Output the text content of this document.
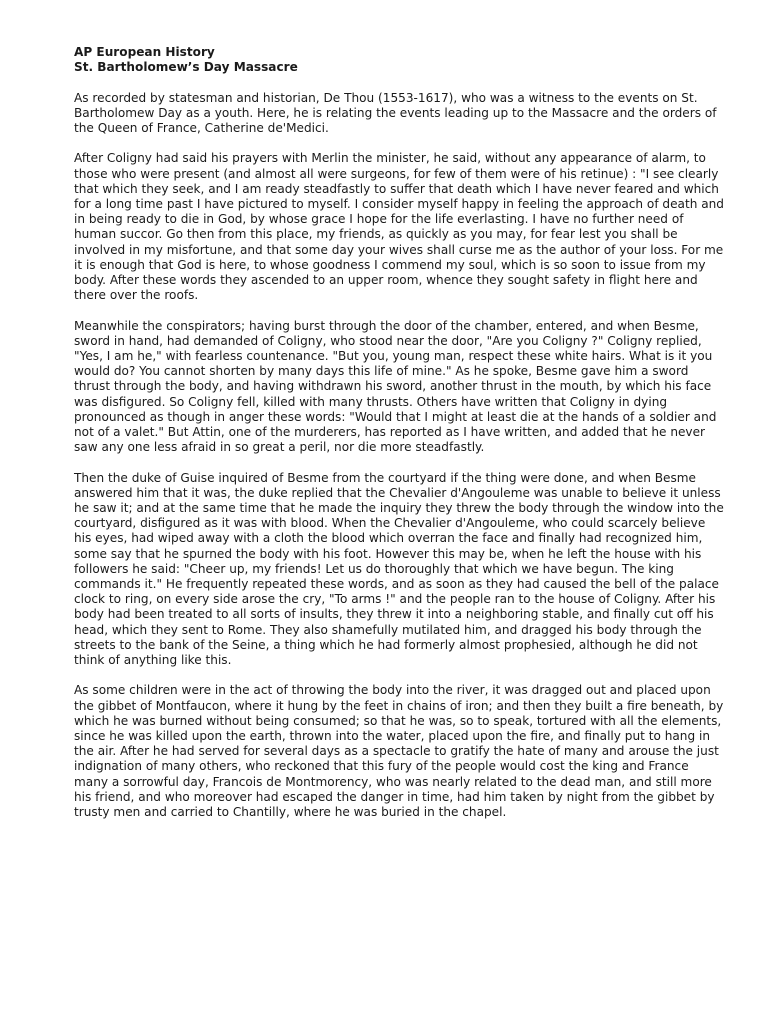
AP European History
St. Bartholomew’s Day Massacre

As recorded by statesman and historian, De Thou (1553-1617), who was a witness to the events on St. Bartholomew Day as a youth. Here, he is relating the events leading up to the Massacre and the orders of the Queen of France, Catherine de'Medici.

After Coligny had said his prayers with Merlin the minister, he said, without any appearance of alarm, to those who were present (and almost all were surgeons, for few of them were of his retinue) : "I see clearly that which they seek, and I am ready steadfastly to suffer that death which I have never feared and which for a long time past I have pictured to myself. I consider myself happy in feeling the approach of death and in being ready to die in God, by whose grace I hope for the life everlasting. I have no further need of human succor. Go then from this place, my friends, as quickly as you may, for fear lest you shall be involved in my misfortune, and that some day your wives shall curse me as the author of your loss. For me it is enough that God is here, to whose goodness I commend my soul, which is so soon to issue from my body. After these words they ascended to an upper room, whence they sought safety in flight here and there over the roofs.

Meanwhile the conspirators; having burst through the door of the chamber, entered, and when Besme, sword in hand, had demanded of Coligny, who stood near the door, "Are you Coligny ?" Coligny replied, "Yes, I am he," with fearless countenance. "But you, young man, respect these white hairs. What is it you would do? You cannot shorten by many days this life of mine." As he spoke, Besme gave him a sword thrust through the body, and having withdrawn his sword, another thrust in the mouth, by which his face was disfigured. So Coligny fell, killed with many thrusts. Others have written that Coligny in dying pronounced as though in anger these words: "Would that I might at least die at the hands of a soldier and not of a valet." But Attin, one of the murderers, has reported as I have written, and added that he never saw any one less afraid in so great a peril, nor die more steadfastly.

Then the duke of Guise inquired of Besme from the courtyard if the thing were done, and when Besme answered him that it was, the duke replied that the Chevalier d'Angouleme was unable to believe it unless he saw it; and at the same time that he made the inquiry they threw the body through the window into the courtyard, disfigured as it was with blood. When the Chevalier d'Angouleme, who could scarcely believe his eyes, had wiped away with a cloth the blood which overran the face and finally had recognized him, some say that he spurned the body with his foot. However this may be, when he left the house with his followers he said: "Cheer up, my friends! Let us do thoroughly that which we have begun. The king commands it." He frequently repeated these words, and as soon as they had caused the bell of the palace clock to ring, on every side arose the cry, "To arms !" and the people ran to the house of Coligny. After his body had been treated to all sorts of insults, they threw it into a neighboring stable, and finally cut off his head, which they sent to Rome. They also shamefully mutilated him, and dragged his body through the streets to the bank of the Seine, a thing which he had formerly almost prophesied, although he did not think of anything like this.

As some children were in the act of throwing the body into the river, it was dragged out and placed upon the gibbet of Montfaucon, where it hung by the feet in chains of iron; and then they built a fire beneath, by which he was burned without being consumed; so that he was, so to speak, tortured with all the elements, since he was killed upon the earth, thrown into the water, placed upon the fire, and finally put to hang in the air. After he had served for several days as a spectacle to gratify the hate of many and arouse the just indignation of many others, who reckoned that this fury of the people would cost the king and France many a sorrowful day, Francois de Montmorency, who was nearly related to the dead man, and still more his friend, and who moreover had escaped the danger in time, had him taken by night from the gibbet by trusty men and carried to Chantilly, where he was buried in the chapel.
